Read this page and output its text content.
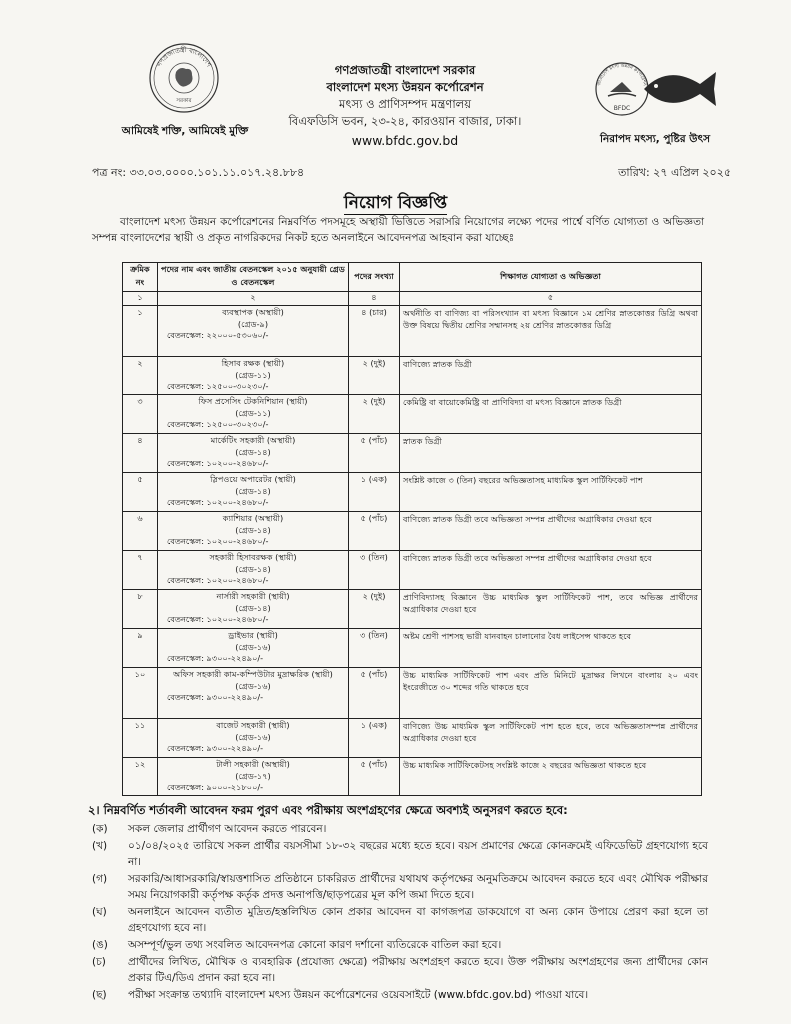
গণপ্রজাতন্ত্রী বাংলাদেশ
সরকার
আমিষেই শক্তি, আমিষেই মুক্তি
গণপ্রজাতন্ত্রী বাংলাদেশ সরকার
বাংলাদেশ মৎস্য উন্নয়ন কর্পোরেশন
মৎস্য ও প্রাণিসম্পদ মন্ত্রণালয়
বিএফডিসি ভবন, ২৩-২৪, কারওয়ান বাজার, ঢাকা।
www.bfdc.gov.bd
বাংলাদেশ মৎস্য উন্নয়ন কর্পোরেশন
BFDC
নিরাপদ মৎস্য, পুষ্টির উৎস
পত্র নং: ৩৩.০৩.০০০০.১০১.১১.০১৭.২৪.৮৮৪	তারিখ: ২৭ এপ্রিল ২০২৫
নিয়োগ বিজ্ঞপ্তি
বাংলাদেশ মৎস্য উন্নয়ন কর্পোরেশনের নিম্নবর্ণিত পদসমূহে অস্থায়ী ভিত্তিতে সরাসরি নিয়োগের লক্ষ্যে পদের পার্শ্বে বর্ণিত যোগ্যতা ও অভিজ্ঞতা সম্পন্ন বাংলাদেশের স্থায়ী ও প্রকৃত নাগরিকদের নিকট হতে অনলাইনে আবেদনপত্র আহবান করা যাচ্ছেঃ
ক্রমিক নং	পদের নাম এবং জাতীয় বেতনস্কেল ২০১৫ অনুযায়ী গ্রেড ও বেতনস্কেল	পদের সংখ্যা	শিক্ষাগত যোগ্যতা ও অভিজ্ঞতা
১	২	৪	৫
১	ব্যবস্থাপক (অস্থায়ী)
(গ্রেড-৯)
বেতনস্কেল: ২২০০০-৫৩০৬০/-	৪ (চার)	অর্থনীতি বা বাণিজ্য বা পরিসংখ্যান বা মৎস্য বিজ্ঞানে ১ম শ্রেণির স্নাতকোত্তর ডিগ্রি অথবা উক্ত বিষয়ে দ্বিতীয় শ্রেণির সম্মানসহ ২য় শ্রেণির স্নাতকোত্তর ডিগ্রি
২	হিসাব রক্ষক (স্থায়ী)
(গ্রেড-১১)
বেতনস্কেল: ১২৫০০-৩০২৩০/-	২ (দুই)	বাণিজ্যে স্নাতক ডিগ্রী
৩	ফিস প্রসেসিং টেকনিশিয়ান (স্থায়ী)
(গ্রেড-১১)
বেতনস্কেল: ১২৫০০-৩০২৩০/-	২ (দুই)	কেমিষ্ট্রি বা বায়োকেমিষ্ট্রি বা প্রাণিবিদ্যা বা মৎস্য বিজ্ঞানে স্নাতক ডিগ্রী
৪	মার্কেটিং সহকারী (অস্থায়ী)
(গ্রেড-১৪)
বেতনস্কেল: ১০২০০-২৪৬৮০/-	৫ (পাঁচ)	স্নাতক ডিগ্রী
৫	স্লিপওয়ে অপারেটর (স্থায়ী)
(গ্রেড-১৪)
বেতনস্কেল: ১০২০০-২৪৬৮০/-	১ (এক)	সংশ্লিষ্ট কাজে ৩ (তিন) বছরের অভিজ্ঞতাসহ মাধ্যমিক স্কুল সার্টিফিকেট পাশ
৬	ক্যাশিয়ার (অস্থায়ী)
(গ্রেড-১৪)
বেতনস্কেল: ১০২০০-২৪৬৮০/-	৫ (পাঁচ)	বাণিজ্যে স্নাতক ডিগ্রী তবে অভিজ্ঞতা সম্পন্ন প্রার্থীদের অগ্রাধিকার দেওয়া হবে
৭	সহকারী হিসাবরক্ষক (স্থায়ী)
(গ্রেড-১৪)
বেতনস্কেল: ১০২০০-২৪৬৮০/-	৩ (তিন)	বাণিজ্যে স্নাতক ডিগ্রী তবে অভিজ্ঞতা সম্পন্ন প্রার্থীদের অগ্রাধিকার দেওয়া হবে
৮	নার্সারী সহকারী (স্থায়ী)
(গ্রেড-১৪)
বেতনস্কেল: ১০২০০-২৪৬৮০/-	২ (দুই)	প্রাণিবিদ্যাসহ বিজ্ঞানে উচ্চ মাধ্যমিক স্কুল সার্টিফিকেট পাশ, তবে অভিজ্ঞ প্রার্থীদের অগ্রাধিকার দেওয়া হবে
৯	ড্রাইভার (স্থায়ী)
(গ্রেড-১৬)
বেতনস্কেল: ৯৩০০-২২৪৯০/-	৩ (তিন)	অষ্টম শ্রেণী পাশসহ ভারী যানবাহন চালানোর বৈধ লাইসেন্স থাকতে হবে
১০	অফিস সহকারী কাম-কম্পিউটার মুদ্রাক্ষরিক (স্থায়ী)
(গ্রেড-১৬)
বেতনস্কেল: ৯৩০০-২২৪৯০/-	৫ (পাঁচ)	উচ্চ মাধ্যমিক সার্টিফিকেট পাশ এবং প্রতি মিনিটে মুদ্রাক্ষর লিখনে বাংলায় ২০ এবং ইংরেজীতে ৩০ শব্দের গতি থাকতে হবে
১১	বাজেট সহকারী (স্থায়ী)
(গ্রেড-১৬)
বেতনস্কেল: ৯৩০০-২২৪৯০/-	১ (এক)	বাণিজ্যে উচ্চ মাধ্যমিক স্কুল সার্টিফিকেট পাশ হতে হবে, তবে অভিজ্ঞতাসম্পন্ন প্রার্থীদের অগ্রাধিকার দেওয়া হবে
১২	টালী সহকারী (অস্থায়ী)
(গ্রেড-১৭)
বেতনস্কেল: ৯০০০-২১৮০০/-	৫ (পাঁচ)	উচ্চ মাধ্যমিক সার্টিফিকেটসহ সংশ্লিষ্ট কাজে ২ বছরের অভিজ্ঞতা থাকতে হবে
২। নিম্নবর্ণিত শর্তাবলী আবেদন ফরম পুরণ এবং পরীক্ষায় অংশগ্রহণের ক্ষেত্রে অবশ্যই অনুসরণ করতে হবে:
(ক)	সকল জেলার প্রার্থীগণ আবেদন করতে পারবেন।
(খ)	০১/০৪/২০২৫ তারিখে সকল প্রার্থীর বয়সসীমা ১৮-৩২ বছরের মধ্যে হতে হবে। বয়স প্রমাণের ক্ষেত্রে কোনক্রমেই এফিডেভিট গ্রহণযোগ্য হবে না।
(গ)	সরকারি/আধাসরকারি/স্বায়ত্তশাসিত প্রতিষ্ঠানে চাকরিরত প্রার্থীদের যথাযথ কর্তৃপক্ষের অনুমতিক্রমে আবেদন করতে হবে এবং মৌখিক পরীক্ষার সময় নিয়োগকারী কর্তৃপক্ষ কর্তৃক প্রদত্ত অনাপত্তি/ছাড়পত্রের মূল কপি জমা দিতে হবে।
(ঘ)	অনলাইনে আবেদন ব্যতীত মুদ্রিত/হস্তলিখিত কোন প্রকার আবেদন বা কাগজপত্র ডাকযোগে বা অন্য কোন উপায়ে প্রেরণ করা হলে তা গ্রহণযোগ্য হবে না।
(ঙ)	অসম্পূর্ণ/ভুল তথ্য সংবলিত আবেদনপত্র কোনো কারণ দর্শানো ব্যতিরেকে বাতিল করা হবে।
(চ)	প্রার্থীদের লিখিত, মৌখিক ও ব্যবহারিক (প্রযোজ্য ক্ষেত্রে) পরীক্ষায় অংশগ্রহণ করতে হবে। উক্ত পরীক্ষায় অংশগ্রহণের জন্য প্রার্থীদের কোন প্রকার টিএ/ডিএ প্রদান করা হবে না।
(ছ)	পরীক্ষা সংক্রান্ত তথ্যাদি বাংলাদেশ মৎস্য উন্নয়ন কর্পোরেশনের ওয়েবসাইটে (www.bfdc.gov.bd) পাওয়া যাবে।
